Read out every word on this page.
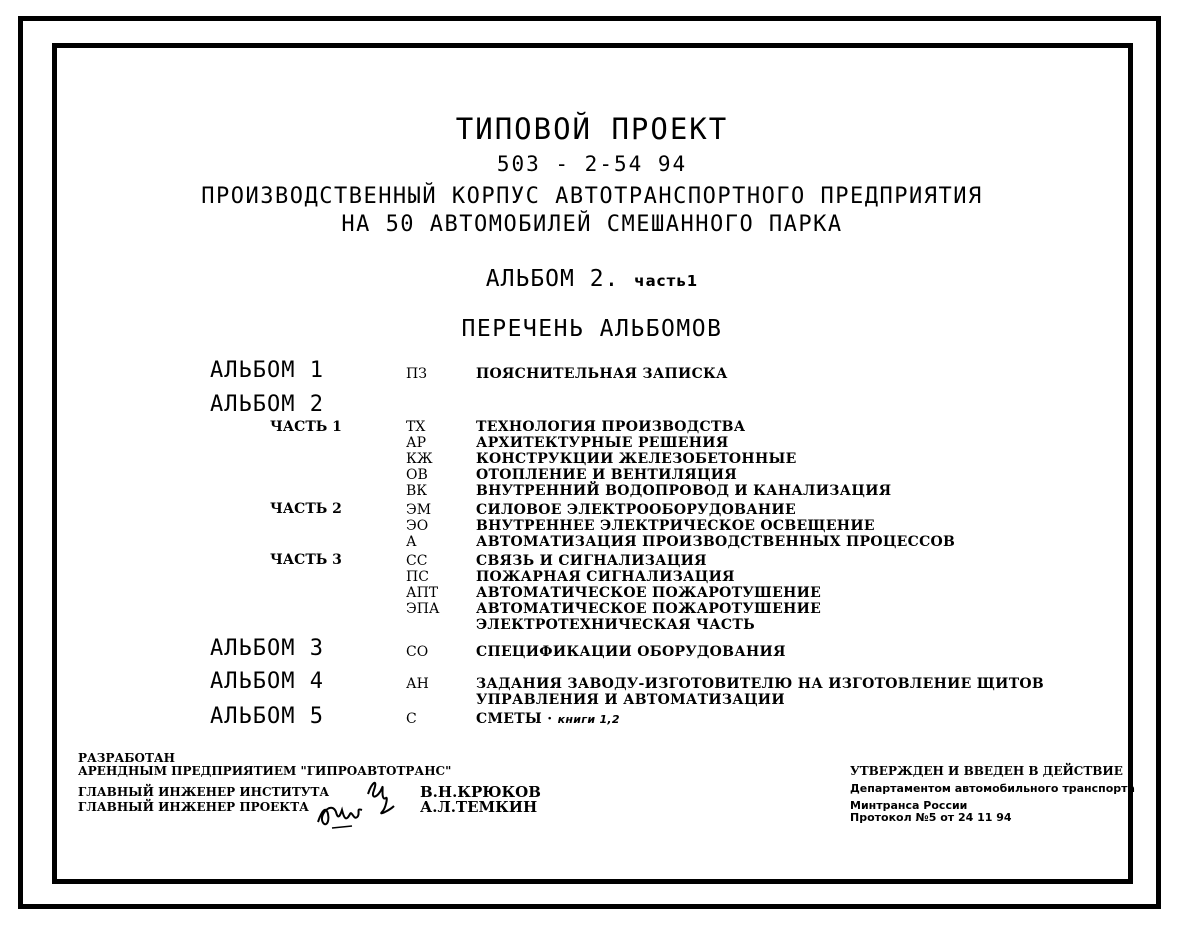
ТИПОВОЙ ПРОЕКТ
503 - 2-54 94
ПРОИЗВОДСТВЕННЫЙ КОРПУС АВТОТРАНСПОРТНОГО ПРЕДПРИЯТИЯ
НА 50 АВТОМОБИЛЕЙ СМЕШАННОГО ПАРКА
АЛЬБОМ 2. часть1
ПЕРЕЧЕНЬ АЛЬБОМОВ
АЛЬБОМ 1
АЛЬБОМ 2
АЛЬБОМ 3
АЛЬБОМ 4
АЛЬБОМ 5
ЧАСТЬ 1
ЧАСТЬ 2
ЧАСТЬ 3
ПЗ
ТХ
АР
КЖ
ОВ
ВК
ЭМ
ЭО
А
СС
ПС
АПТ
ЭПА
СО
АН
С
ПОЯСНИТЕЛЬНАЯ ЗАПИСКА
ТЕХНОЛОГИЯ ПРОИЗВОДСТВА
АРХИТЕКТУРНЫЕ РЕШЕНИЯ
КОНСТРУКЦИИ ЖЕЛЕЗОБЕТОННЫЕ
ОТОПЛЕНИЕ И ВЕНТИЛЯЦИЯ
ВНУТРЕННИЙ ВОДОПРОВОД И КАНАЛИЗАЦИЯ
СИЛОВОЕ ЭЛЕКТРООБОРУДОВАНИЕ
ВНУТРЕННЕЕ ЭЛЕКТРИЧЕСКОЕ ОСВЕЩЕНИЕ
АВТОМАТИЗАЦИЯ ПРОИЗВОДСТВЕННЫХ ПРОЦЕССОВ
СВЯЗЬ И СИГНАЛИЗАЦИЯ
ПОЖАРНАЯ СИГНАЛИЗАЦИЯ
АВТОМАТИЧЕСКОЕ ПОЖАРОТУШЕНИЕ
АВТОМАТИЧЕСКОЕ ПОЖАРОТУШЕНИЕ
ЭЛЕКТРОТЕХНИЧЕСКАЯ ЧАСТЬ
СПЕЦИФИКАЦИИ ОБОРУДОВАНИЯ
ЗАДАНИЯ ЗАВОДУ-ИЗГОТОВИТЕЛЮ НА ИЗГОТОВЛЕНИЕ ЩИТОВ
УПРАВЛЕНИЯ И АВТОМАТИЗАЦИИ
СМЕТЫ · книги 1,2
РАЗРАБОТАН
АРЕНДНЫМ ПРЕДПРИЯТИЕМ "ГИПРОАВТОТРАНС"
ГЛАВНЫЙ ИНЖЕНЕР ИНСТИТУТА
ГЛАВНЫЙ ИНЖЕНЕР ПРОЕКТА
В.Н.КРЮКОВ
А.Л.ТЕМКИН
УТВЕРЖДЕН И ВВЕДЕН В ДЕЙСТВИЕ
Департаментом автомобильного транспорта
Минтранса России
Протокол №5 от 24 11 94
